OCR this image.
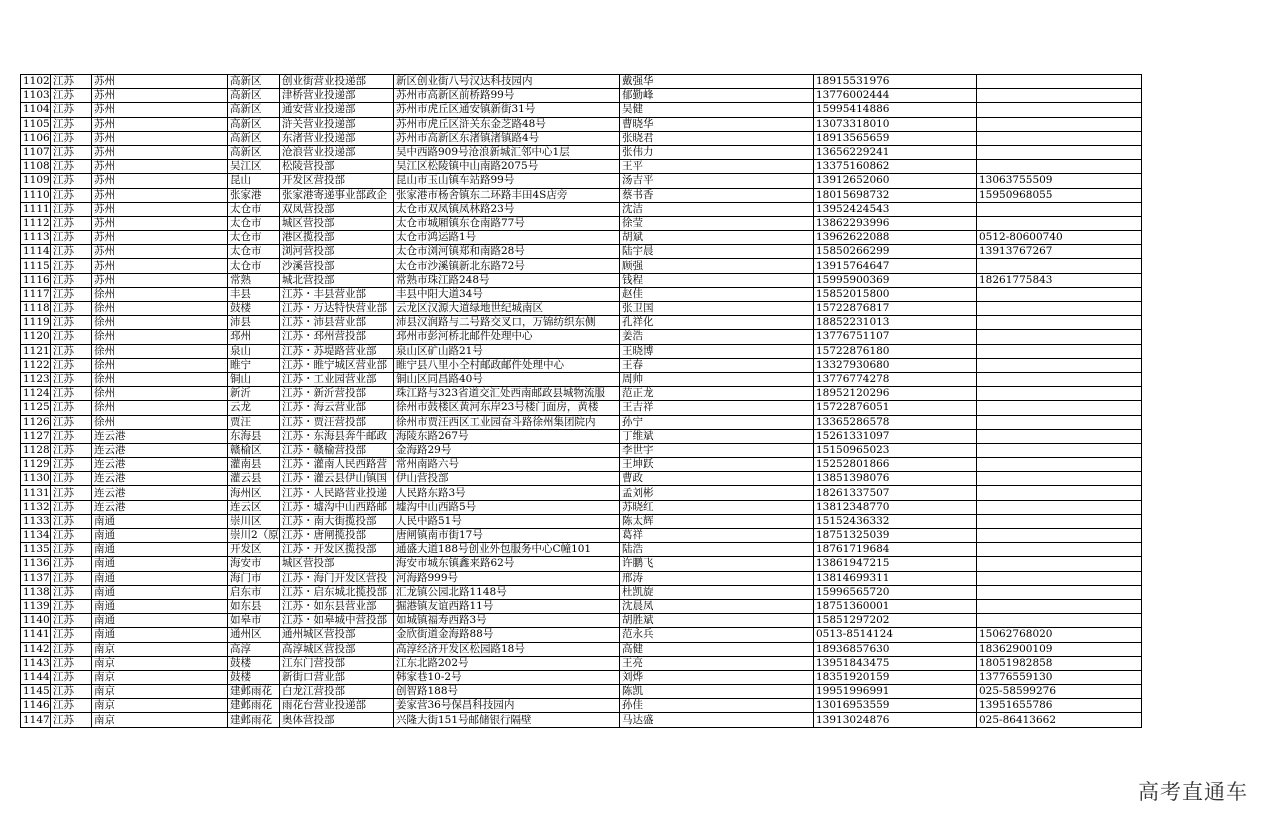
1102	江苏	苏州	高新区	创业街营业投递部	新区创业街八号汉达科技园内	戴强华	18915531976	
1103	江苏	苏州	高新区	津桥营业投递部	苏州市高新区前桥路99号	郁勤峰	13776002444	
1104	江苏	苏州	高新区	通安营业投递部	苏州市虎丘区通安镇新街31号	吴健	15995414886	
1105	江苏	苏州	高新区	浒关营业投递部	苏州市虎丘区浒关东金芝路48号	曹晓华	13073318010	
1106	江苏	苏州	高新区	东渚营业投递部	苏州市高新区东渚镇渚镇路4号	张晓君	18913565659	
1107	江苏	苏州	高新区	沧浪营业投递部	吴中西路909号沧浪新城汇邻中心1层	张伟力	13656229241	
1108	江苏	苏州	吴江区	松陵营投部	吴江区松陵镇中山南路2075号	王平	13375160862	
1109	江苏	苏州	昆山	开发区营投部	昆山市玉山镇车站路99号	汤吉平	13912652060	13063755509
1110	江苏	苏州	张家港	张家港寄递事业部政企	张家港市杨舍镇东二环路丰田4S店旁	蔡书香	18015698732	15950968055
1111	江苏	苏州	太仓市	双凤营投部	太仓市双凤镇凤林路23号	沈洁	13952424543	
1112	江苏	苏州	太仓市	城区营投部	太仓市城厢镇东仓南路77号	徐莹	13862293996	
1113	江苏	苏州	太仓市	港区揽投部	太仓市鸿运路1号	胡斌	13962622088	0512-80600740
1114	江苏	苏州	太仓市	浏河营投部	太仓市浏河镇郑和南路28号	陆宇晨	15850266299	13913767267
1115	江苏	苏州	太仓市	沙溪营投部	太仓市沙溪镇新北东路72号	顾强	13915764647	
1116	江苏	苏州	常熟	城北营投部	常熟市珠江路248号	钱程	15995900369	18261775843
1117	江苏	徐州	丰县	江苏・丰县营业部	丰县中阳大道34号	赵佳	15852015800	
1118	江苏	徐州	鼓楼	江苏・万达特快营业部	云龙区汉源大道绿地世纪城南区	张卫国	15722876817	
1119	江苏	徐州	沛县	江苏・沛县营业部	沛县汉润路与二号路交叉口，万锦纺织东侧	孔祥化	18852231013	
1120	江苏	徐州	邳州	江苏・邳州营投部	邳州市彭河桥北邮件处理中心	姜浩	13776751107	
1121	江苏	徐州	泉山	江苏・苏堤路营业部	泉山区矿山路21号	王晓博	15722876180	
1122	江苏	徐州	睢宁	江苏・睢宁城区营业部	睢宁县八里小仝村邮政邮件处理中心	王春	13327930680	
1123	江苏	徐州	铜山	江苏・工业园营业部	铜山区同昌路40号	周帅	13776774278	
1124	江苏	徐州	新沂	江苏・新沂营投部	珠江路与323省道交汇处西南邮政县城物流服	范正龙	18952120296	
1125	江苏	徐州	云龙	江苏・海云营业部	徐州市鼓楼区黄河东岸23号楼门面房，黄楼	王吉祥	15722876051	
1126	江苏	徐州	贾汪	江苏・贾汪营投部	徐州市贾汪西区工业园奋斗路徐州集团院内	孙宁	13365286578	
1127	江苏	连云港	东海县	江苏・东海县奔牛邮政	海陵东路267号	丁维斌	15261331097	
1128	江苏	连云港	赣榆区	江苏・赣榆营投部	金海路29号	李世宇	15150965023	
1129	江苏	连云港	灌南县	江苏・灌南人民西路营	常州南路六号	王坤跃	15252801866	
1130	江苏	连云港	灌云县	江苏・灌云县伊山镇国	伊山营投部	曹政	13851398076	
1131	江苏	连云港	海州区	江苏・人民路营业投递	人民路东路3号	孟刘彬	18261337507	
1132	江苏	连云港	连云区	江苏・墟沟中山西路邮	墟沟中山西路5号	苏晓红	13812348770	
1133	江苏	南通	崇川区	江苏・南大街揽投部	人民中路51号	陈太辉	15152436332	
1134	江苏	南通	崇川2（原	江苏・唐闸揽投部	唐闸镇南市街17号	葛祥	18751325039	
1135	江苏	南通	开发区	江苏・开发区揽投部	通盛大道188号创业外包服务中心C幢101	陆浩	18761719684	
1136	江苏	南通	海安市	城区营投部	海安市城东镇鑫来路62号	许鹏飞	13861947215	
1137	江苏	南通	海门市	江苏・海门开发区营投	河海路999号	邢涛	13814699311	
1138	江苏	南通	启东市	江苏・启东城北揽投部	汇龙镇公园北路1148号	杜凯旋	15996565720	
1139	江苏	南通	如东县	江苏・如东县营业部	掘港镇友谊西路11号	沈晨凤	18751360001	
1140	江苏	南通	如皋市	江苏・如皋城中营投部	如城镇福寿西路3号	胡胜斌	15851297202	
1141	江苏	南通	通州区	通州城区营投部	金欣街道金海路88号	范永兵	0513-8514124	15062768020
1142	江苏	南京	高淳	高淳城区营投部	高淳经济开发区松园路18号	高健	18936857630	18362900109
1143	江苏	南京	鼓楼	江东门营投部	江东北路202号	王亮	13951843475	18051982858
1144	江苏	南京	鼓楼	新街口营业部	韩家巷10-2号	刘烨	18351920159	13776559130
1145	江苏	南京	建邺雨花	白龙江营投部	创智路188号	陈凯	19951996991	025-58599276
1146	江苏	南京	建邺雨花	雨花台营业投递部	姜家营36号保昌科技园内	孙佳	13016953559	13951655786
1147	江苏	南京	建邺雨花	奥体营投部	兴隆大街151号邮储银行隔壁	马达盛	13913024876	025-86413662
高考直通车
